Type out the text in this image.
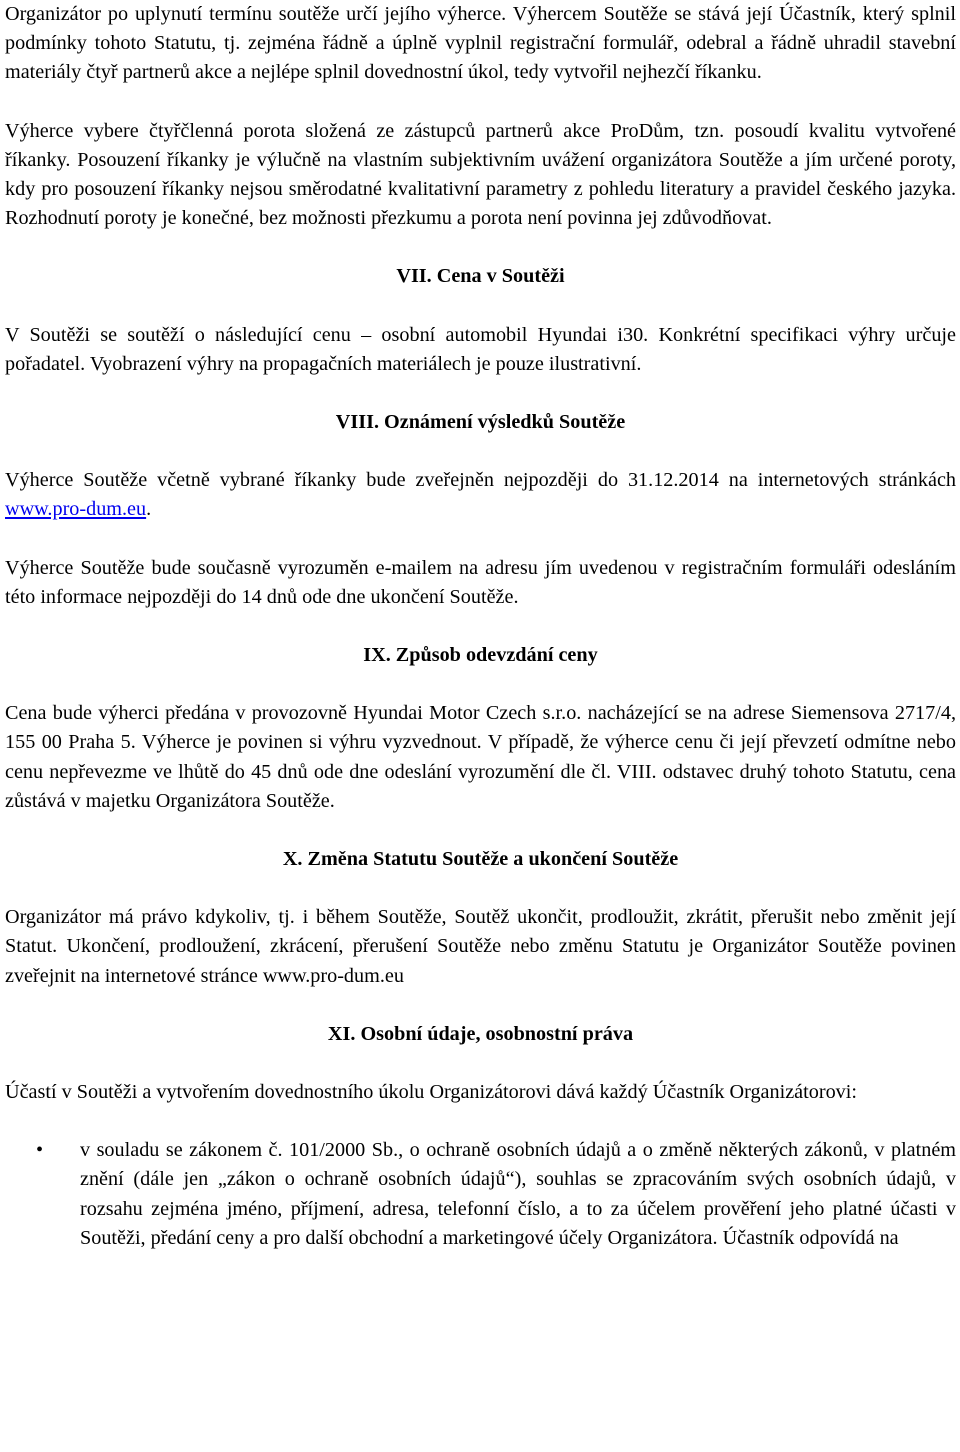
Organizátor po uplynutí termínu soutěže určí jejího výherce. Výhercem Soutěže se stává její Účastník, který splnil podmínky tohoto Statutu, tj. zejména řádně a úplně vyplnil registrační formulář, odebral a řádně uhradil stavební materiály čtyř partnerů akce a nejlépe splnil dovednostní úkol, tedy vytvořil nejhezčí říkanku.

Výherce vybere čtyřčlenná porota složená ze zástupců partnerů akce ProDům, tzn. posoudí kvalitu vytvořené říkanky. Posouzení říkanky je výlučně na vlastním subjektivním uvážení organizátora Soutěže a jím určené poroty, kdy pro posouzení říkanky nejsou směrodatné kvalitativní parametry z pohledu literatury a pravidel českého jazyka. Rozhodnutí poroty je konečné, bez možnosti přezkumu a porota není povinna jej zdůvodňovat.

VII. Cena v Soutěži

V Soutěži se soutěží o následující cenu – osobní automobil Hyundai i30. Konkrétní specifikaci výhry určuje pořadatel. Vyobrazení výhry na propagačních materiálech je pouze ilustrativní.

VIII. Oznámení výsledků Soutěže

Výherce Soutěže včetně vybrané říkanky bude zveřejněn nejpozději do 31.12.2014 na internetových stránkách www.pro-dum.eu.

Výherce Soutěže bude současně vyrozuměn e-mailem na adresu jím uvedenou v registračním formuláři odesláním této informace nejpozději do 14 dnů ode dne ukončení Soutěže.

IX. Způsob odevzdání ceny

Cena bude výherci předána v provozovně Hyundai Motor Czech s.r.o. nacházející se na adrese Siemensova 2717/4, 155 00 Praha 5. Výherce je povinen si výhru vyzvednout. V případě, že výherce cenu či její převzetí odmítne nebo cenu nepřevezme ve lhůtě do 45 dnů ode dne odeslání vyrozumění dle čl. VIII. odstavec druhý tohoto Statutu, cena zůstává v majetku Organizátora Soutěže.

X. Změna Statutu Soutěže a ukončení Soutěže

Organizátor má právo kdykoliv, tj. i během Soutěže, Soutěž ukončit, prodloužit, zkrátit, přerušit nebo změnit její Statut. Ukončení, prodloužení, zkrácení, přerušení Soutěže nebo změnu Statutu je Organizátor Soutěže povinen zveřejnit na internetové stránce www.pro-dum.eu

XI. Osobní údaje, osobnostní práva

Účastí v Soutěži a vytvořením dovednostního úkolu Organizátorovi dává každý Účastník Organizátorovi:

• v souladu se zákonem č. 101/2000 Sb., o ochraně osobních údajů a o změně některých zákonů, v platném znění (dále jen „zákon o ochraně osobních údajů“), souhlas se zpracováním svých osobních údajů, v rozsahu zejména jméno, příjmení, adresa, telefonní číslo, a to za účelem prověření jeho platné účasti v Soutěži, předání ceny a pro další obchodní a marketingové účely Organizátora. Účastník odpovídá na
